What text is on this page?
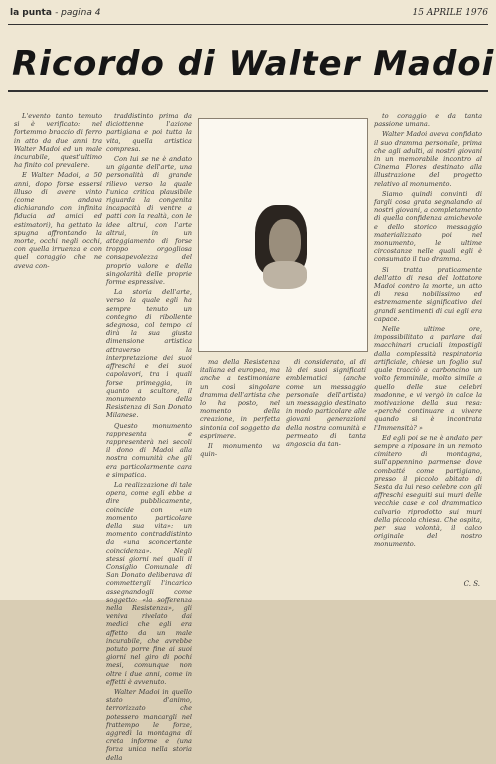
la punta - pagina 4	15 APRILE 1976
Ricordo di Walter Madoi

L'evento tanto temuto si è verificato: nel fortemmo braccio di ferro in atto da due anni tra Walter Madoi ed un male incurabile, quest'ultimo ha finito col prevalere.

E Walter Madoi, a 50 anni, dopo forse essersi illuso di avere vinto (come andava dichiarando con infinita fiducia ad amici ed estimatori), ha gettato la spugna affrontando la morte, occhi negli occhi, con quella irruenza e con quel coraggio che ne aveva con-

traddistinto prima da diciottenne l'azione partigiana e poi tutta la vita, quella artistica compresa.

Con lui se ne è andato un gigante dell'arte, una personalità di grande rilievo verso la quale l'unica critica plausibile riguarda la congenita incapacità di ventre a patti con la realtà, con le idee altrui, con l'arte altrui, in un atteggiamento di forse troppo orgogliosa consapevolezza del proprio valore e della singolarità delle proprie forme espressive.

La storia dell'arte, verso la quale egli ha sempre tenuto un contegno di ribollente sdegnosa, col tempo ci dirà la sua giusta dimensione artistica attraverso la interpretazione dei suoi affreschi e dei suoi capolavori, tra i quali forse primeggia, in quanto a scultore, il monumento della Resistenza di San Donato Milanese.

Questo monumento rappresenta e rappresenterà nei secoli il dono di Madoi alla nostra comunità che gli era particolarmente cara e simpatica.

La realizzazione di tale opera, come egli ebbe a dire pubblicamente, coincide con «un momento particolare della sua vita»: un momento contraddistinto da «una sconcertante coincidenza». Negli stessi giorni nei quali il Consiglio Comunale di San Donato deliberava di commettergli l'incarico assegnandogli come soggetto: «la sofferenza nella Resistenza», gli veniva rivelato dai medici che egli era affetto da un male incurabile, che avrebbe potuto porre fine ai suoi giorni nel giro di pochi mesi, comunque non oltre i due anni, come in effetti è avvenuto.

Walter Madoi in quello stato d'animo, terrorizzato che potessero mancargli nel frattempo le forze, aggredì la montagna di creta informe e (una forza unica nella storia della

ma della Resistenza italiana ed europea, ma anche a testimoniare un così singolare dramma dell'artista che lo ha posto, nel momento della creazione, in perfetta sintonia col soggetto da esprimere.

Il monumento va quin-

di considerato, al di là dei suoi significati emblematici (anche come un messaggio personale dell'artista) un messaggio destinato in modo particolare alle giovani generazioni della nostra comunità e permeato di tanta angoscia da tan-

to coraggio e da tanta passione umana.

Walter Madoi aveva confidato il suo dramma personale, prima che agli adulti, ai nostri giovani in un memorabile incontro al Cinema Flores destinato alla illustrazione del progetto relativo al monumento.

Siamo quindi convinti di fargli cosa grata segnalando ai nostri giovani, a completamento di quella confidenza amichevole e dello storico messaggio materializzato poi nel monumento, le ultime circostanze nelle quali egli è consumato il tuo dramma.

Si tratta praticamente dell'atto di resa del lottatore Madoi contro la morte, un atto di resa nobilissimo ed estremamente significativo dei grandi sentimenti di cui egli era capace.

Nelle ultime ore, impossibilitato a parlare dai macchinari cruciali impostigli dalla complessità respiratoria artificiale, chiese un foglio sul quale tracciò a carboncino un volto femminile, molto simile a quello delle sue celebri madonne, e vi vergò in calce la motivazione della sua resa: «perché continuare a vivere quando si è incontrata l'Immensità? »

Ed egli poi se ne è andato per sempre a riposare in un remoto cimitero di montagna, sull'appennino parmense dove combatté come partigiano, presso il piccolo abitato di Sesta da lui reso celebre con gli affreschi eseguiti sui muri delle vecchie case e col drammatico calvario riprodotto sui muri della piccola chiesa. Che ospita, per sua volontà, il calco originale del nostro monumento.

C. S.
